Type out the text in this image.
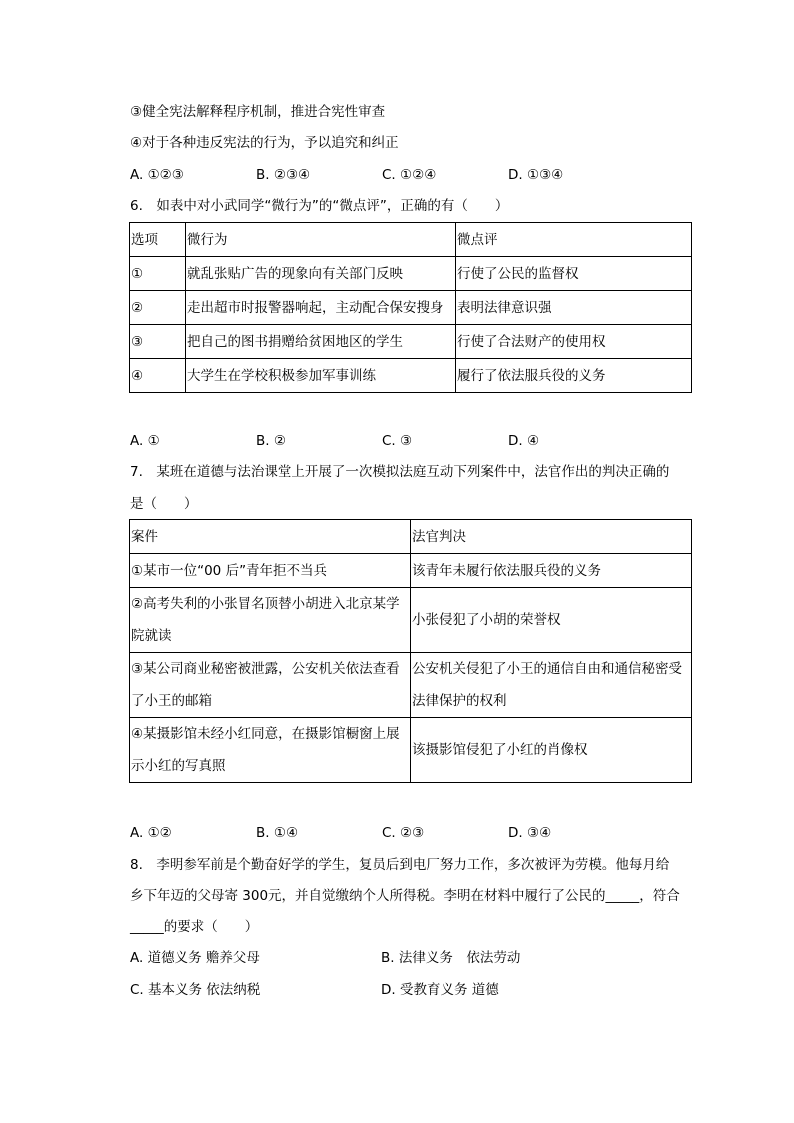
③健全宪法解释程序机制，推进合宪性审查
④对于各种违反宪法的行为，予以追究和纠正
A. ①②③	B. ②③④	C. ①②④	D. ①③④
6.　如表中对小武同学“微行为”的“微点评”，正确的有（　　）
选项	微行为	微点评
①	就乱张贴广告的现象向有关部门反映	行使了公民的监督权
②	走出超市时报警器响起，主动配合保安搜身	表明法律意识强
③	把自己的图书捐赠给贫困地区的学生	行使了合法财产的使用权
④	大学生在学校积极参加军事训练	履行了依法服兵役的义务
A. ①	B. ②	C. ③	D. ④
7.　某班在道德与法治课堂上开展了一次模拟法庭互动下列案件中，法官作出的判决正确的
是（　　）
案件	法官判决
①某市一位“00 后”青年拒不当兵	该青年未履行依法服兵役的义务
②高考失利的小张冒名顶替小胡进入北京某学院就读	小张侵犯了小胡的荣誉权
③某公司商业秘密被泄露，公安机关依法查看了小王的邮箱	公安机关侵犯了小王的通信自由和通信秘密受法律保护的权利
④某摄影馆未经小红同意，在摄影馆橱窗上展示小红的写真照	该摄影馆侵犯了小红的肖像权
A. ①②	B. ①④	C. ②③	D. ③④
8.　李明参军前是个勤奋好学的学生，复员后到电厂努力工作，多次被评为劳模。他每月给
乡下年迈的父母寄 300元，并自觉缴纳个人所得税。李明在材料中履行了公民的_____，符合
_____的要求（　　）
A. 道德义务 赡养父母	B. 法律义务　依法劳动
C. 基本义务 依法纳税	D. 受教育义务 道德
